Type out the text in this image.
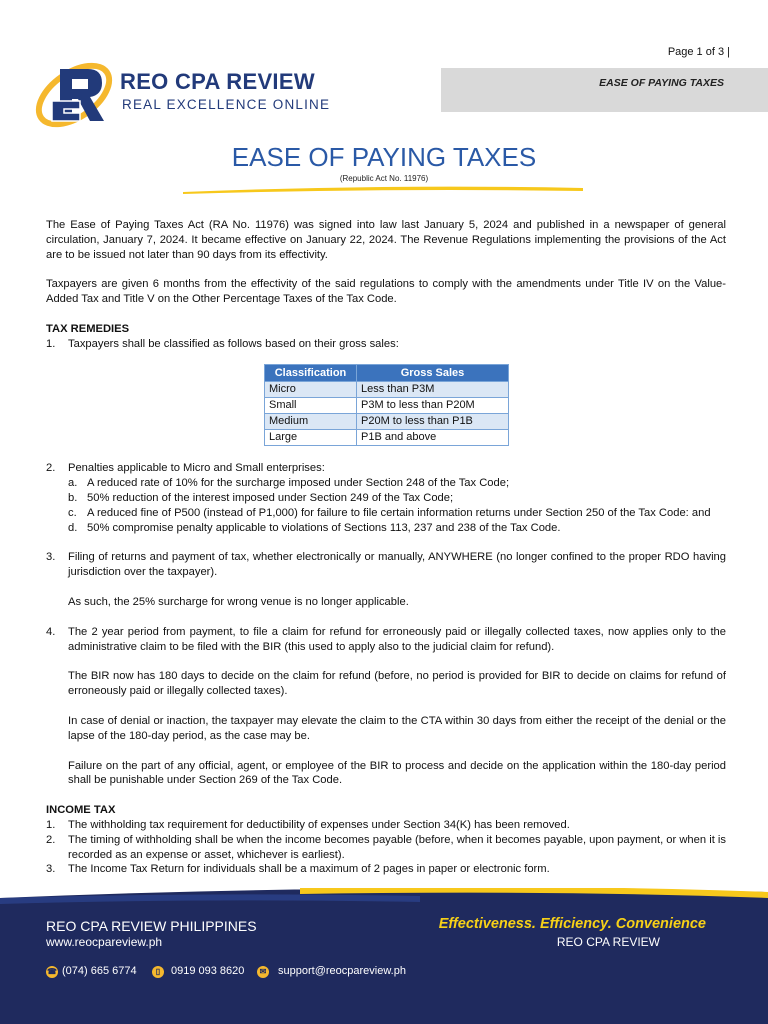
Page 1 of 3 |
EASE OF PAYING TAXES
REO CPA REVIEW
REAL EXCELLENCE ONLINE
EASE OF PAYING TAXES
(Republic Act No. 11976)

The Ease of Paying Taxes Act (RA No. 11976) was signed into law last January 5, 2024 and published in a newspaper of general circulation, January 7, 2024. It became effective on January 22, 2024. The Revenue Regulations implementing the provisions of the Act are to be issued not later than 90 days from its effectivity.

Taxpayers are given 6 months from the effectivity of the said regulations to comply with the amendments under Title IV on the Value-Added Tax and Title V on the Other Percentage Taxes of the Tax Code.

TAX REMEDIES
1. Taxpayers shall be classified as follows based on their gross sales:
Classification	Gross Sales
Micro	Less than P3M
Small	P3M to less than P20M
Medium	P20M to less than P1B
Large	P1B and above
2. Penalties applicable to Micro and Small enterprises:
a. A reduced rate of 10% for the surcharge imposed under Section 248 of the Tax Code;
b. 50% reduction of the interest imposed under Section 249 of the Tax Code;
c. A reduced fine of P500 (instead of P1,000) for failure to file certain information returns under Section 250 of the Tax Code: and
d. 50% compromise penalty applicable to violations of Sections 113, 237 and 238 of the Tax Code.
3. Filing of returns and payment of tax, whether electronically or manually, ANYWHERE (no longer confined to the proper RDO having jurisdiction over the taxpayer).

As such, the 25% surcharge for wrong venue is no longer applicable.

4. The 2 year period from payment, to file a claim for refund for erroneously paid or illegally collected taxes, now applies only to the administrative claim to be filed with the BIR (this used to apply also to the judicial claim for refund).

The BIR now has 180 days to decide on the claim for refund (before, no period is provided for BIR to decide on claims for refund of erroneously paid or illegally collected taxes).

In case of denial or inaction, the taxpayer may elevate the claim to the CTA within 30 days from either the receipt of the denial or the lapse of the 180-day period, as the case may be.

Failure on the part of any official, agent, or employee of the BIR to process and decide on the application within the 180-day period shall be punishable under Section 269 of the Tax Code.

INCOME TAX
1. The withholding tax requirement for deductibility of expenses under Section 34(K) has been removed.
2. The timing of withholding shall be when the income becomes payable (before, when it becomes payable, upon payment, or when it is recorded as an expense or asset, whichever is earliest).
3. The Income Tax Return for individuals shall be a maximum of 2 pages in paper or electronic form.
REO CPA REVIEW PHILIPPINES
www.reocpareview.ph
Effectiveness. Efficiency. Convenience
REO CPA REVIEW
☎ (074) 665 6774	▯ 0919 093 8620	✉ support@reocpareview.ph
